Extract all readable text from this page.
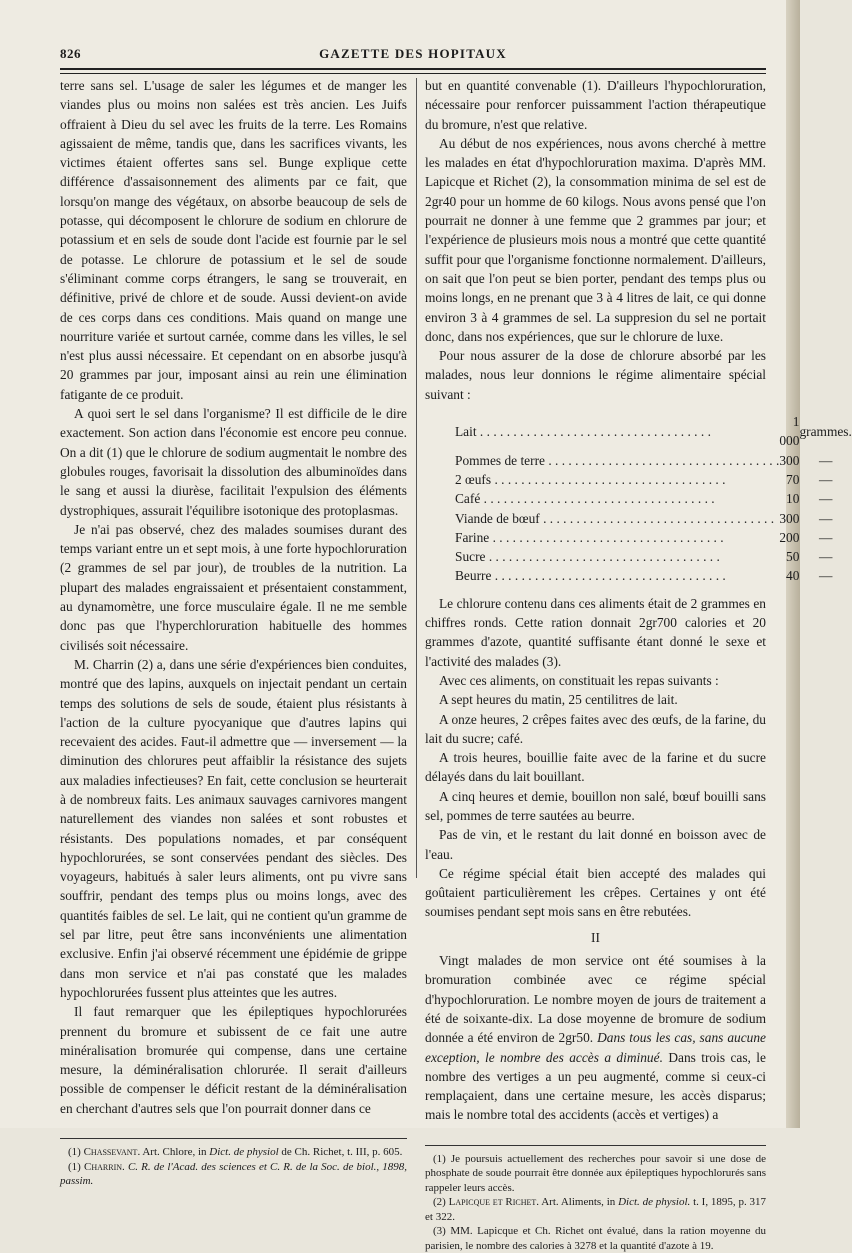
826	GAZETTE DES HOPITAUX

terre sans sel. L'usage de saler les légumes et de manger les viandes plus ou moins non salées est très ancien. Les Juifs offraient à Dieu du sel avec les fruits de la terre. Les Romains agissaient de même, tandis que, dans les sacrifices vivants, les victimes étaient offertes sans sel. Bunge explique cette différence d'assaisonnement des aliments par ce fait, que lorsqu'on mange des végétaux, on absorbe beaucoup de sels de potasse, qui décomposent le chlorure de sodium en chlorure de potassium et en sels de soude dont l'acide est fournie par le sel de potasse. Le chlorure de potassium et le sel de soude s'éliminant comme corps étrangers, le sang se trouverait, en définitive, privé de chlore et de soude. Aussi devient-on avide de ces corps dans ces conditions. Mais quand on mange une nourriture variée et surtout carnée, comme dans les villes, le sel n'est plus aussi nécessaire. Et cependant on en absorbe jusqu'à 20 grammes par jour, imposant ainsi au rein une élimination fatigante de ce produit.

A quoi sert le sel dans l'organisme? Il est difficile de le dire exactement. Son action dans l'économie est encore peu connue. On a dit (1) que le chlorure de sodium augmentait le nombre des globules rouges, favorisait la dissolution des albuminoïdes dans le sang et aussi la diurèse, facilitait l'expulsion des éléments dystrophiques, assurait l'équilibre isotonique des protoplasmas.

Je n'ai pas observé, chez des malades soumises durant des temps variant entre un et sept mois, à une forte hypochloruration (2 grammes de sel par jour), de troubles de la nutrition. La plupart des malades engraissaient et présentaient constamment, au dynamomètre, une force musculaire égale. Il ne me semble donc pas que l'hyperchloruration habituelle des hommes civilisés soit nécessaire.

M. Charrin (2) a, dans une série d'expériences bien conduites, montré que des lapins, auxquels on injectait pendant un certain temps des solutions de sels de soude, étaient plus résistants à l'action de la culture pyocyanique que d'autres lapins qui recevaient des acides. Faut-il admettre que — inversement — la diminution des chlorures peut affaiblir la résistance des sujets aux maladies infectieuses? En fait, cette conclusion se heurterait à de nombreux faits. Les animaux sauvages carnivores mangent naturellement des viandes non salées et sont robustes et résistants. Des populations nomades, et par conséquent hypochlorurées, se sont conservées pendant des siècles. Des voyageurs, habitués à saler leurs aliments, ont pu vivre sans souffrir, pendant des temps plus ou moins longs, avec des quantités faibles de sel. Le lait, qui ne contient qu'un gramme de sel par litre, peut être sans inconvénients une alimentation exclusive. Enfin j'ai observé récemment une épidémie de grippe dans mon service et n'ai pas constaté que les malades hypochlorurées fussent plus atteintes que les autres.

Il faut remarquer que les épileptiques hypochlorurées prennent du bromure et subissent de ce fait une autre minéralisation bromurée qui compense, dans une certaine mesure, la déminéralisation chlorurée. Il serait d'ailleurs possible de compenser le déficit restant de la déminéralisation en cherchant d'autres sels que l'on pourrait donner dans ce

(1) Chassevant. Art. Chlore, in Dict. de physiol de Ch. Richet, t. III, p. 605.

(1) Charrin. C. R. de l'Acad. des sciences et C. R. de la Soc. de biol., 1898, passim.

but en quantité convenable (1). D'ailleurs l'hypochloruration, nécessaire pour renforcer puissamment l'action thérapeutique du bromure, n'est que relative.

Au début de nos expériences, nous avons cherché à mettre les malades en état d'hypochloruration maxima. D'après MM. Lapicque et Richet (2), la consommation minima de sel est de 2gr40 pour un homme de 60 kilogs. Nous avons pensé que l'on pourrait ne donner à une femme que 2 grammes par jour; et l'expérience de plusieurs mois nous a montré que cette quantité suffit pour que l'organisme fonctionne normalement. D'ailleurs, on sait que l'on peut se bien porter, pendant des temps plus ou moins longs, en ne prenant que 3 à 4 litres de lait, ce qui donne environ 3 à 4 grammes de sel. La suppresion du sel ne portait donc, dans nos expériences, que sur le chlorure de luxe.

Pour nous assurer de la dose de chlorure absorbé par les malades, nous leur donnions le régime alimentaire spécial suivant :

Lait . . .	1 000	grammes.
Pommes de terre . . .	300	—
2 œufs . . .	70	—
Café . . .	10	—
Viande de bœuf . . .	300	—
Farine . . .	200	—
Sucre . . .	50	—
Beurre . . .	40	—

Le chlorure contenu dans ces aliments était de 2 grammes en chiffres ronds. Cette ration donnait 2gr700 calories et 20 grammes d'azote, quantité suffisante étant donné le sexe et l'activité des malades (3).

Avec ces aliments, on constituait les repas suivants :

A sept heures du matin, 25 centilitres de lait.

A onze heures, 2 crêpes faites avec des œufs, de la farine, du lait du sucre; café.

A trois heures, bouillie faite avec de la farine et du sucre délayés dans du lait bouillant.

A cinq heures et demie, bouillon non salé, bœuf bouilli sans sel, pommes de terre sautées au beurre.

Pas de vin, et le restant du lait donné en boisson avec de l'eau.

Ce régime spécial était bien accepté des malades qui goûtaient particulièrement les crêpes. Certaines y ont été soumises pendant sept mois sans en être rebutées.

II

Vingt malades de mon service ont été soumises à la bromuration combinée avec ce régime spécial d'hypochloruration. Le nombre moyen de jours de traitement a été de soixante-dix. La dose moyenne de bromure de sodium donnée a été environ de 2gr50. Dans tous les cas, sans aucune exception, le nombre des accès a diminué. Dans trois cas, le nombre des vertiges a un peu augmenté, comme si ceux-ci remplaçaient, dans une certaine mesure, les accès disparus; mais le nombre total des accidents (accès et vertiges) a

(1) Je poursuis actuellement des recherches pour savoir si une dose de phosphate de soude pourrait être donnée aux épileptiques hypochlorurés sans rappeler leurs accès.

(2) Lapicque et Richet. Art. Aliments, in Dict. de physiol. t. I, 1895, p. 317 et 322.

(3) MM. Lapicque et Ch. Richet ont évalué, dans la ration moyenne du parisien, le nombre des calories à 3278 et la quantité d'azote à 19.
